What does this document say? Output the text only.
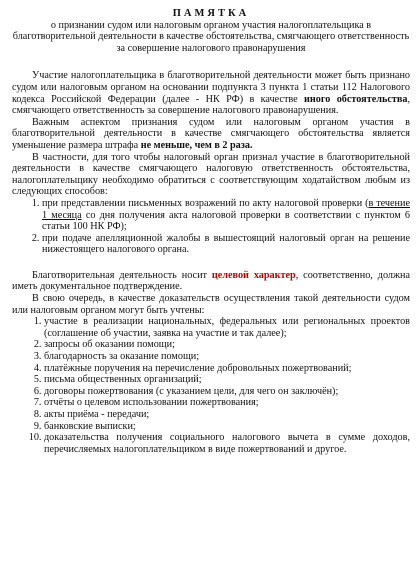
ПАМЯТКА

о признании судом или налоговым органом участия налогоплательщика в благотворительной деятельности в качестве обстоятельства, смягчающего ответственность за совершение налогового правонарушения

Участие налогоплательщика в благотворительной деятельности может быть признано судом или налоговым органом на основании подпункта 3 пункта 1 статьи 112 Налогового кодекса Российской Федерации (далее - НК РФ) в качестве иного обстоятельства, смягчающего ответственность за совершение налогового правонарушения.

Важным аспектом признания судом или налоговым органом участия в благотворительной деятельности в качестве смягчающего обстоятельства является уменьшение размера штрафа не меньше, чем в 2 раза.

В частности, для того чтобы налоговый орган признал участие в благотворительной деятельности в качестве смягчающего налоговую ответственность обстоятельства, налогоплательщику необходимо обратиться с соответствующим ходатайством любым из следующих способов:

1. при представлении письменных возражений по акту налоговой проверки (в течение 1 месяца со дня получения акта налоговой проверки в соответствии с пунктом 6 статьи 100 НК РФ);
2. при подаче апелляционной жалобы в вышестоящий налоговый орган на решение нижестоящего налогового органа.

Благотворительная деятельность носит целевой характер, соответственно, должна иметь документальное подтверждение.

В свою очередь, в качестве доказательств осуществления такой деятельности судом или налоговым органом могут быть учтены:

1. участие в реализации национальных, федеральных или региональных проектов (соглашение об участии, заявка на участие и так далее);
2. запросы об оказании помощи;
3. благодарность за оказание помощи;
4. платёжные поручения на перечисление добровольных пожертвований;
5. письма общественных организаций;
6. договоры пожертвования (с указанием цели, для чего он заключён);
7. отчёты о целевом использовании пожертвования;
8. акты приёма - передачи;
9. банковские выписки;
10. доказательства получения социального налогового вычета в сумме доходов, перечисляемых налогоплательщиком в виде пожертвований и другое.
